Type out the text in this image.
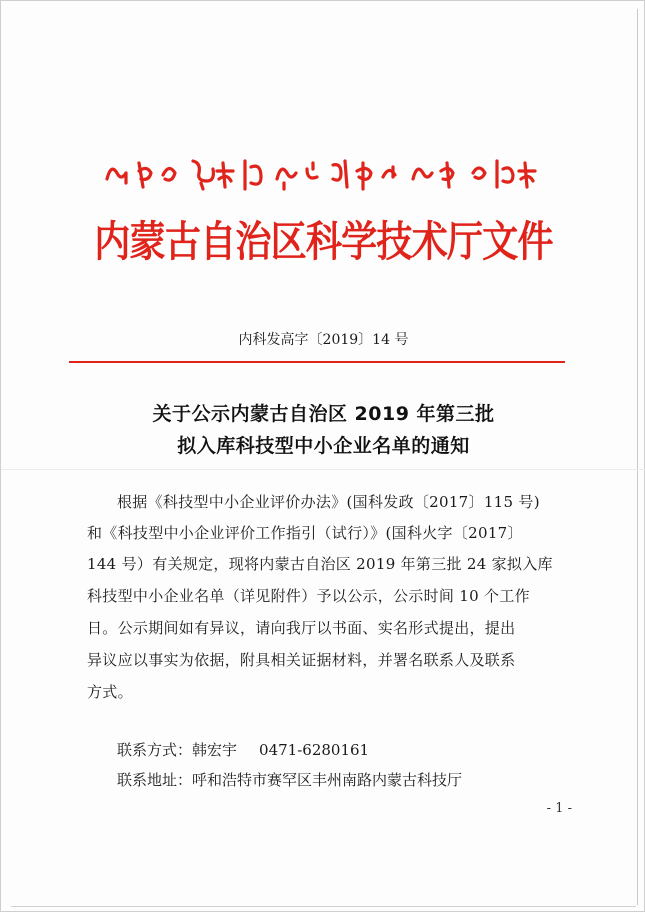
内蒙古自治区科学技术厅文件
内科发高字〔2019〕14 号
关于公示内蒙古自治区 2019 年第三批
拟入库科技型中小企业名单的通知
根据《科技型中小企业评价办法》(国科发政〔2017〕115 号)
和《科技型中小企业评价工作指引（试行）》(国科火字〔2017〕
144 号）有关规定，现将内蒙古自治区 2019 年第三批 24 家拟入库
科技型中小企业名单（详见附件）予以公示，公示时间 10 个工作
日。公示期间如有异议，请向我厅以书面、实名形式提出，提出
异议应以事实为依据，附具相关证据材料，并署名联系人及联系
方式。
联系方式：韩宏宇 0471-6280161
联系地址：呼和浩特市赛罕区丰州南路内蒙古科技厅
- 1 -
